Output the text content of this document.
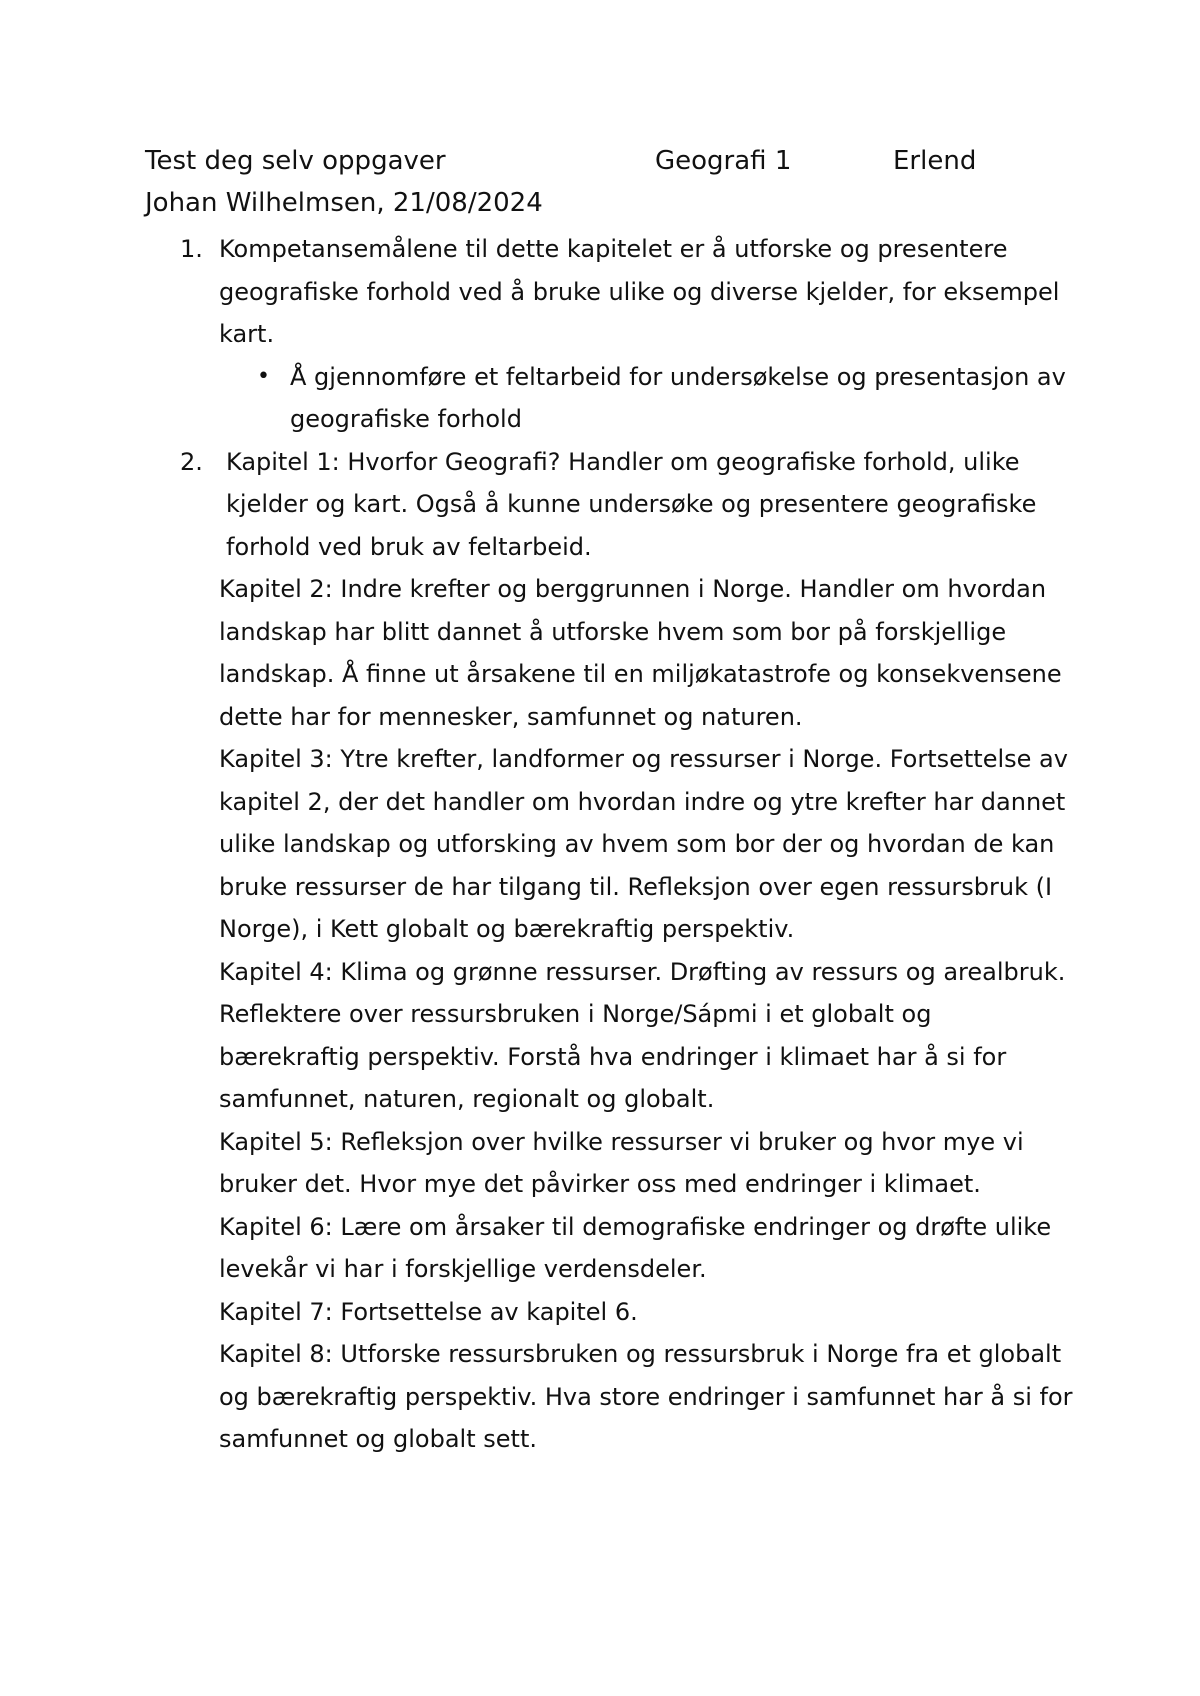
Test deg selv oppgaver	Geografi 1	Erlend
Johan Wilhelmsen, 21/08/2024
1. Kompetansemålene til dette kapitelet er å utforske og presentere geografiske forhold ved å bruke ulike og diverse kjelder, for eksempel kart.

• Å gjennomføre et feltarbeid for undersøkelse og presentasjon av geografiske forhold

2. Kapitel 1: Hvorfor Geografi? Handler om geografiske forhold, ulike kjelder og kart. Også å kunne undersøke og presentere geografiske forhold ved bruk av feltarbeid.

Kapitel 2: Indre krefter og berggrunnen i Norge. Handler om hvordan landskap har blitt dannet å utforske hvem som bor på forskjellige landskap. Å finne ut årsakene til en miljøkatastrofe og konsekvensene dette har for mennesker, samfunnet og naturen.

Kapitel 3: Ytre krefter, landformer og ressurser i Norge. Fortsettelse av kapitel 2, der det handler om hvordan indre og ytre krefter har dannet ulike landskap og utforsking av hvem som bor der og hvordan de kan bruke ressurser de har tilgang til. Refleksjon over egen ressursbruk (I Norge), i Kett globalt og bærekraftig perspektiv.

Kapitel 4: Klima og grønne ressurser. Drøfting av ressurs og arealbruk. Reflektere over ressursbruken i Norge/Sápmi i et globalt og bærekraftig perspektiv. Forstå hva endringer i klimaet har å si for samfunnet, naturen, regionalt og globalt.

Kapitel 5: Refleksjon over hvilke ressurser vi bruker og hvor mye vi bruker det. Hvor mye det påvirker oss med endringer i klimaet.

Kapitel 6: Lære om årsaker til demografiske endringer og drøfte ulike levekår vi har i forskjellige verdensdeler.

Kapitel 7: Fortsettelse av kapitel 6.

Kapitel 8: Utforske ressursbruken og ressursbruk i Norge fra et globalt og bærekraftig perspektiv. Hva store endringer i samfunnet har å si for samfunnet og globalt sett.
